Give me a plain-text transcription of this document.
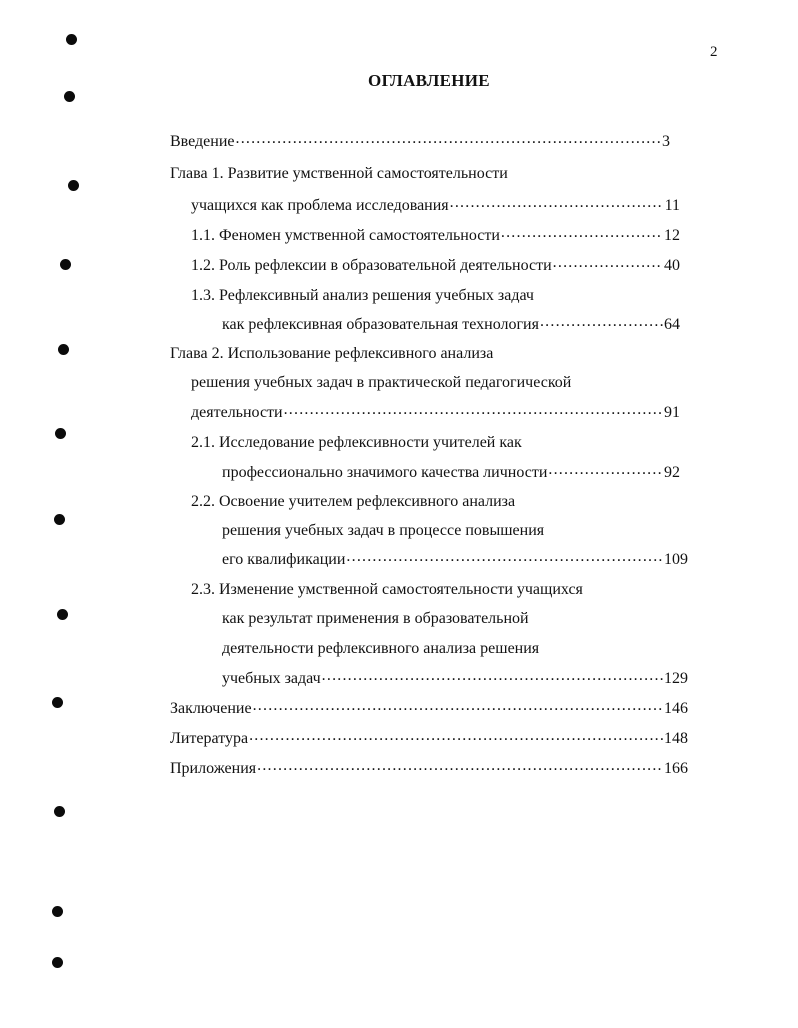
2
ОГЛАВЛЕНИЕ
Введение .....	3
Глава 1. Развитие умственной самостоятельности
учащихся как проблема исследования .....	11
1.1. Феномен умственной самостоятельности .....	12
1.2. Роль рефлексии в образовательной деятельности .....	40
1.3. Рефлексивный анализ решения учебных задач
как рефлексивная образовательная технология .....	64
Глава 2. Использование рефлексивного анализа
решения учебных задач в практической педагогической
деятельности .....	91
2.1. Исследование рефлексивности учителей как
профессионально значимого качества личности .....	92
2.2. Освоение учителем рефлексивного анализа
решения учебных задач в процессе повышения
его квалификации .....	109
2.3. Изменение умственной самостоятельности учащихся
как результат применения в образовательной
деятельности рефлексивного анализа решения
учебных задач .....	129
Заключение .....	146
Литература .....	148
Приложения .....	166
